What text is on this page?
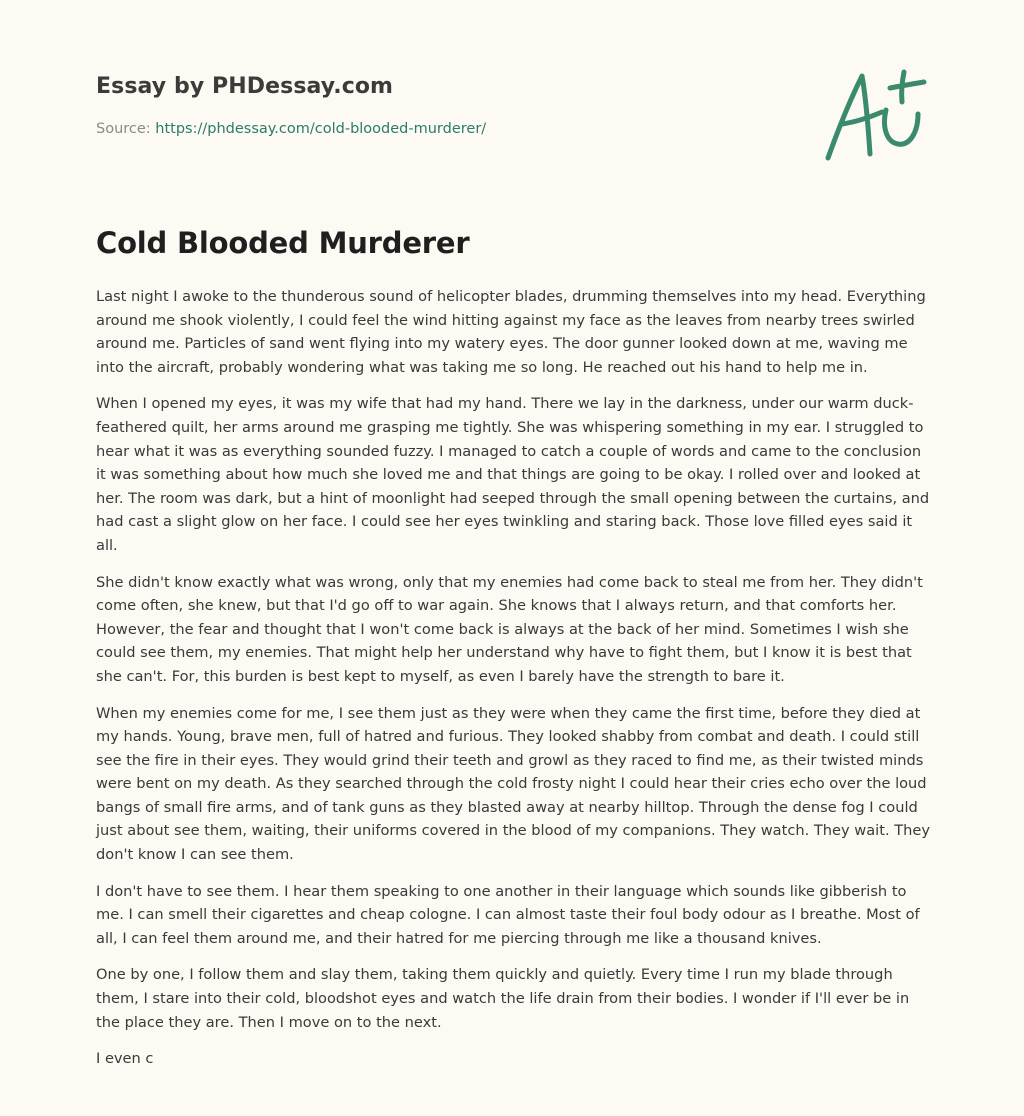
Essay by PHDessay.com
Source: https://phdessay.com/cold-blooded-murderer/
Cold Blooded Murderer

Last night I awoke to the thunderous sound of helicopter blades, drumming themselves into my head. Everything around me shook violently, I could feel the wind hitting against my face as the leaves from nearby trees swirled around me. Particles of sand went flying into my watery eyes. The door gunner looked down at me, waving me into the aircraft, probably wondering what was taking me so long. He reached out his hand to help me in.

When I opened my eyes, it was my wife that had my hand. There we lay in the darkness, under our warm duck-feathered quilt, her arms around me grasping me tightly. She was whispering something in my ear. I struggled to hear what it was as everything sounded fuzzy. I managed to catch a couple of words and came to the conclusion it was something about how much she loved me and that things are going to be okay. I rolled over and looked at her. The room was dark, but a hint of moonlight had seeped through the small opening between the curtains, and had cast a slight glow on her face. I could see her eyes twinkling and staring back. Those love filled eyes said it all.

She didn't know exactly what was wrong, only that my enemies had come back to steal me from her. They didn't come often, she knew, but that I'd go off to war again. She knows that I always return, and that comforts her. However, the fear and thought that I won't come back is always at the back of her mind. Sometimes I wish she could see them, my enemies. That might help her understand why have to fight them, but I know it is best that she can't. For, this burden is best kept to myself, as even I barely have the strength to bare it.

When my enemies come for me, I see them just as they were when they came the first time, before they died at my hands. Young, brave men, full of hatred and furious. They looked shabby from combat and death. I could still see the fire in their eyes. They would grind their teeth and growl as they raced to find me, as their twisted minds were bent on my death. As they searched through the cold frosty night I could hear their cries echo over the loud bangs of small fire arms, and of tank guns as they blasted away at nearby hilltop. Through the dense fog I could just about see them, waiting, their uniforms covered in the blood of my companions. They watch. They wait. They don't know I can see them.

I don't have to see them. I hear them speaking to one another in their language which sounds like gibberish to me. I can smell their cigarettes and cheap cologne. I can almost taste their foul body odour as I breathe. Most of all, I can feel them around me, and their hatred for me piercing through me like a thousand knives.

One by one, I follow them and slay them, taking them quickly and quietly. Every time I run my blade through them, I stare into their cold, bloodshot eyes and watch the life drain from their bodies. I wonder if I'll ever be in the place they are. Then I move on to the next.

I even c
